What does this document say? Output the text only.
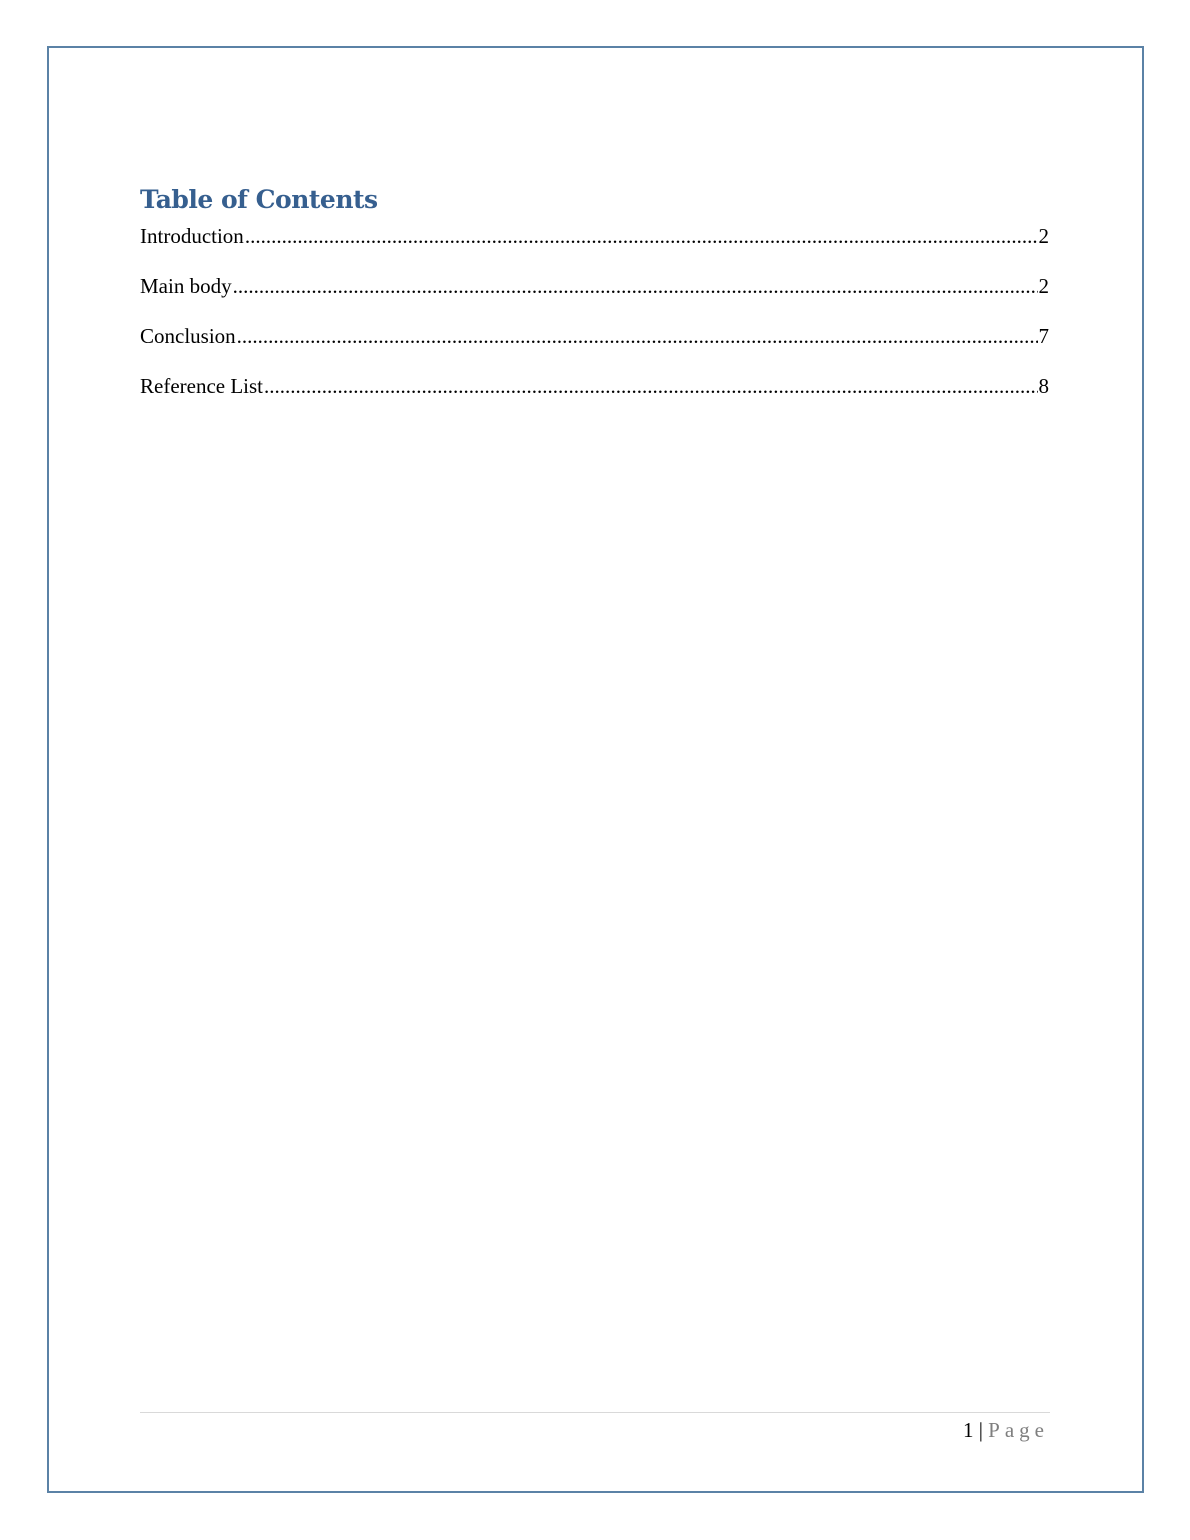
Table of Contents
Introduction .....	2
Main body .....	2
Conclusion .....	7
Reference List .....	8
1 | Page
